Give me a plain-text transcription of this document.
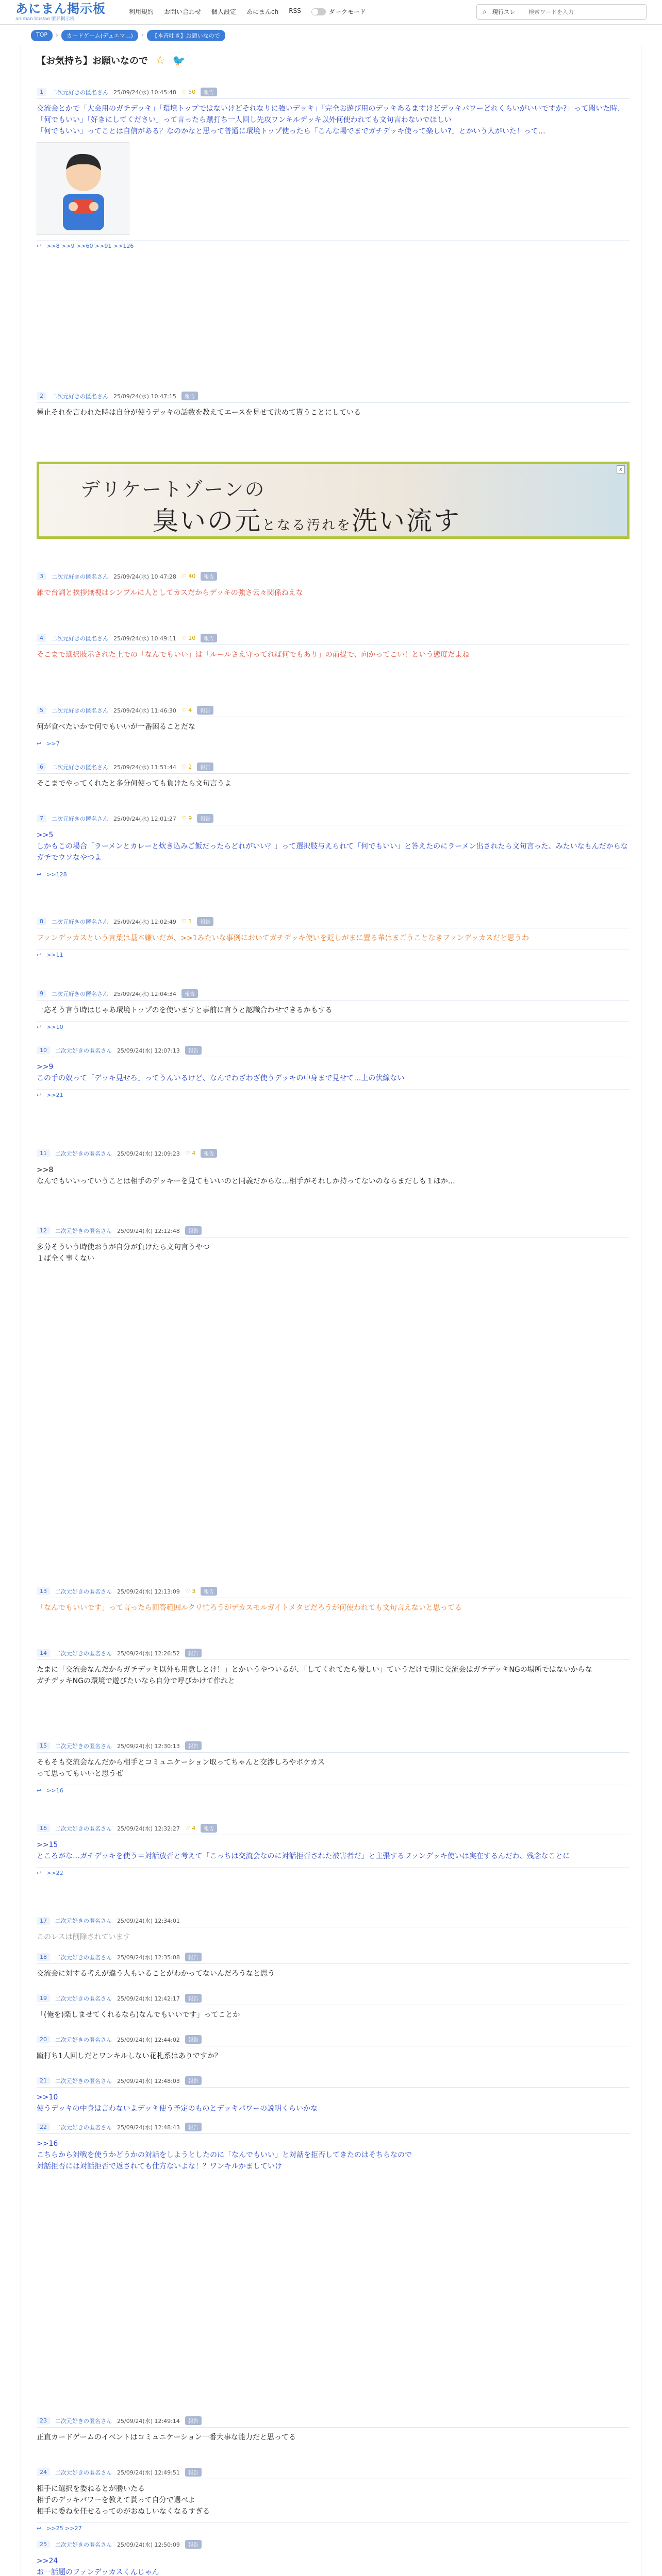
あにまん掲示板
animan bbs/ao 匿名掲示板
利用規約 お問い合わせ 個人設定 あにまんch RSS	ダークモード	⌕	現行スレ
検索ワードを入力
TOP	›	カードゲーム(デュエマ…)	›	【本音吐き】お願いなので
【お気持ち】お願いなので ☆ 🐦
1	二次元好きの匿名さん 25/09/24(水) 10:45:48 ♡ 50	報告
交流会とかで「大会用のガチデッキ」「環境トップではないけどそれなりに強いデッキ」「完全お遊び用のデッキあるますけどデッキパワーどれくらいがいいですか?」って聞いた時、「何でもいい」「好きにしてください」って言ったら蹴打ち一人回し先攻ワンキルデッキ以外何使われても文句言わないでほしい
「何でもいい」ってことは自信がある？なのかなと思って普通に環境トップ使ったら「こんな場でまでガチデッキ使って楽しい?」とかいう人がいた！って…
↩ >>8 >>9 >>60 >>91 >>126
2	二次元好きの匿名さん 25/09/24(水) 10:47:15	報告
極止それを言われた時は自分が使うデッキの話数を教えてエースを見せて決めて貰うことにしている
3	二次元好きの匿名さん 25/09/24(水) 10:47:28 ♡ 40	報告
雑で台詞と挨拶無視はシンプルに人としてカスだからデッキの強さ云々関係ねえな
4	二次元好きの匿名さん 25/09/24(水) 10:49:11 ♡ 10	報告
そこまで選択肢示された上での「なんでもいい」は「ルールさえ守ってれば何でもあり」の前提で、向かってこい！という態度だよね
5	二次元好きの匿名さん 25/09/24(水) 11:46:30 ♡ 4	報告
何が食べたいかで何でもいいが一番困ることだな
↩ >>7
6	二次元好きの匿名さん 25/09/24(水) 11:51:44 ♡ 2	報告
そこまでやってくれたと多分何使っても負けたら文句言うよ
7	二次元好きの匿名さん 25/09/24(水) 12:01:27 ♡ 9	報告
>>5
しかもこの場合「ラーメンとカレーと炊き込みご飯だったらどれがいい？」って選択肢与えられて「何でもいい」と答えたのにラーメン出されたら文句言った、みたいなもんだからな
ガチでウソなやつよ
↩ >>128
8	二次元好きの匿名さん 25/09/24(水) 12:02:49 ♡ 1	報告
ファンデッカスという言葉は基本嫌いだが、>>1みたいな事例においてガチデッキ使いを貶しがまに置る輩はまごうことなきファンデッカスだと思うわ
↩ >>11
9	二次元好きの匿名さん 25/09/24(水) 12:04:34	報告
一応そう言う時はじゃあ環境トップのを使いますと事前に言うと認識合わせできるかもする
↩ >>10
10	二次元好きの匿名さん 25/09/24(水) 12:07:13	報告
>>9
この手の奴って「デッキ見せろ」ってうんいるけど、なんでわざわざ使うデッキの中身まで見せて…上の伏線ない
↩ >>21
11	二次元好きの匿名さん 25/09/24(水) 12:09:23 ♡ 4	報告
>>8
なんでもいいっていうことは相手のデッキーを見てもいいのと同義だからな…相手がそれしか持ってないのならまだしも１ほか…
12	二次元好きの匿名さん 25/09/24(水) 12:12:48	報告
多分そういう時使おうが自分が負けたら文句言うやつ
１ば全く事くない
13	二次元好きの匿名さん 25/09/24(水) 12:13:09 ♡ 3	報告
「なんでもいいです」って言ったら回答範囲ルクリ忙ろうがデカスモルガイトメタビだろうが何使われても文句言えないと思ってる
14	二次元好きの匿名さん 25/09/24(水) 12:26:52	報告
たまに「交流会なんだからガチデッキ以外も用意しとけ！」とかいうやついるが、「してくれてたら優しい」ていうだけで別に交流会はガチデッキNGの場所ではないからな
ガチデッキNGの環境で遊びたいなら自分で呼びかけて作れと
15	二次元好きの匿名さん 25/09/24(水) 12:30:13	報告
そもそも交流会なんだから相手とコミュニケーション取ってちゃんと交渉しろやボケカス
って思ってもいいと思うぜ
↩ >>16
16	二次元好きの匿名さん 25/09/24(水) 12:32:27 ♡ 4	報告
>>15
ところがな…ガチデッキを使う＝対話放否と考えて「こっちは交流会なのに対話拒否された被害者だ」と主張するファンデッキ使いは実在するんだわ、残念なことに
↩ >>22
17	二次元好きの匿名さん 25/09/24(水) 12:34:01
このレスは削除されています
18	二次元好きの匿名さん 25/09/24(水) 12:35:08	報告
交流会に対する考えが違う人もいることがわかってないんだろうなと思う
19	二次元好きの匿名さん 25/09/24(水) 12:42:17	報告
「(俺を)楽しませてくれるなら)なんでもいいです」ってことか
20	二次元好きの匿名さん 25/09/24(水) 12:44:02	報告
蹴打ち1人回しだとワンキルしない花札系はありですか？
21	二次元好きの匿名さん 25/09/24(水) 12:48:03	報告
>>10
使うデッキの中身は言わないよデッキ使う予定のものとデッキパワーの説明くらいかな
22	二次元好きの匿名さん 25/09/24(水) 12:48:43	報告
>>16
こちらから対戦を使うかどうかの対話をしようとしたのに「なんでもいい」と対話を拒否してきたのはそちらなので
対話拒否には対話拒否で返されても仕方ないよな！？ワンキルかましていけ
23	二次元好きの匿名さん 25/09/24(水) 12:49:14	報告
正直カードゲームのイベントはコミュニケーション一番大事な能力だと思ってる
24	二次元好きの匿名さん 25/09/24(水) 12:49:51	報告
相手に選択を委ねるとが勝いたる
相手のデッキパワーを教えて貰って自分で選べよ
相手に委ねを任せるってのがおぬしいなくなるすぎる
↩ >>25 >>27
25	二次元好きの匿名さん 25/09/24(水) 12:50:09	報告
>>24
お一話題のファンデッカスくんじゃん
デリケートゾーンの
臭いの元となる汚れを洗い流す
x
